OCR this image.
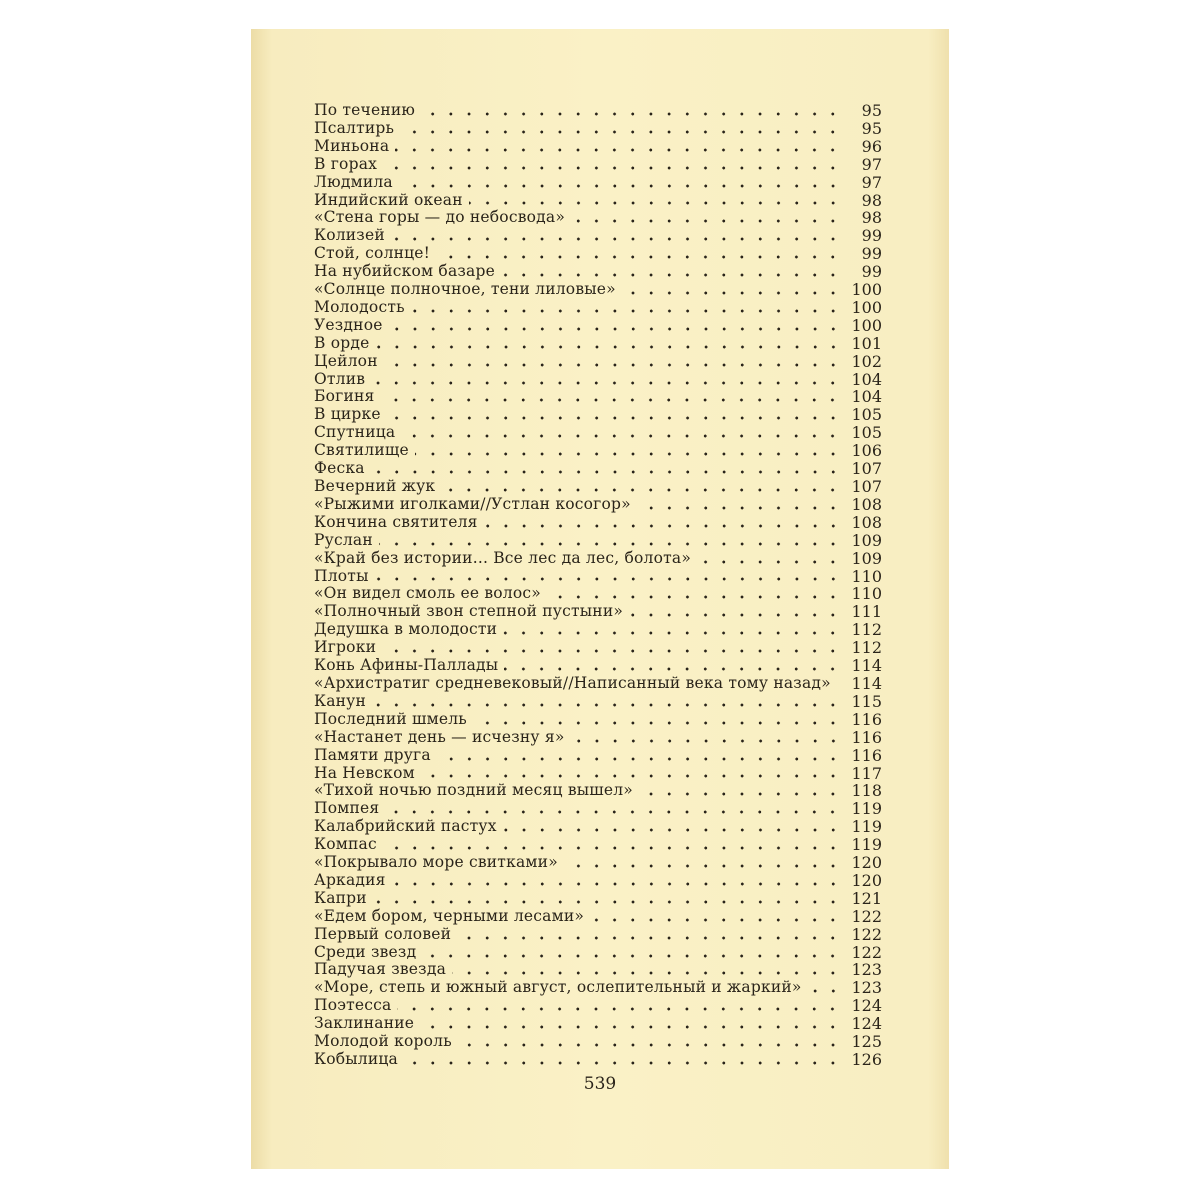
По течению	95
Псалтирь	95
Миньона	96
В горах	97
Людмила	97
Индийский океан	98
«Стена горы — до небосвода»	98
Колизей	99
Стой, солнце!	99
На нубийском базаре	99
«Солнце полночное, тени лиловые»	100
Молодость	100
Уездное	100
В орде	101
Цейлон	102
Отлив	104
Богиня	104
В цирке	105
Спутница	105
Святилище	106
Феска	107
Вечерний жук	107
«Рыжими иголками//Устлан косогор»	108
Кончина святителя	108
Руслан	109
«Край без истории... Все лес да лес, болота»	109
Плоты	110
«Он видел смоль ее волос»	110
«Полночный звон степной пустыни»	111
Дедушка в молодости	112
Игроки	112
Конь Афины-Паллады	114
«Архистратиг средневековый//Написанный века тому назад» 114
Канун	115
Последний шмель	116
«Настанет день — исчезну я»	116
Памяти друга	116
На Невском	117
«Тихой ночью поздний месяц вышел»	118
Помпея	119
Калабрийский пастух	119
Компас	119
«Покрывало море свитками»	120
Аркадия	120
Капри	121
«Едем бором, черными лесами»	122
Первый соловей	122
Среди звезд	122
Падучая звезда	123
«Море, степь и южный август, ослепительный и жаркий»	123
Поэтесса	124
Заклинание	124
Молодой король	125
Кобылица	126
539
